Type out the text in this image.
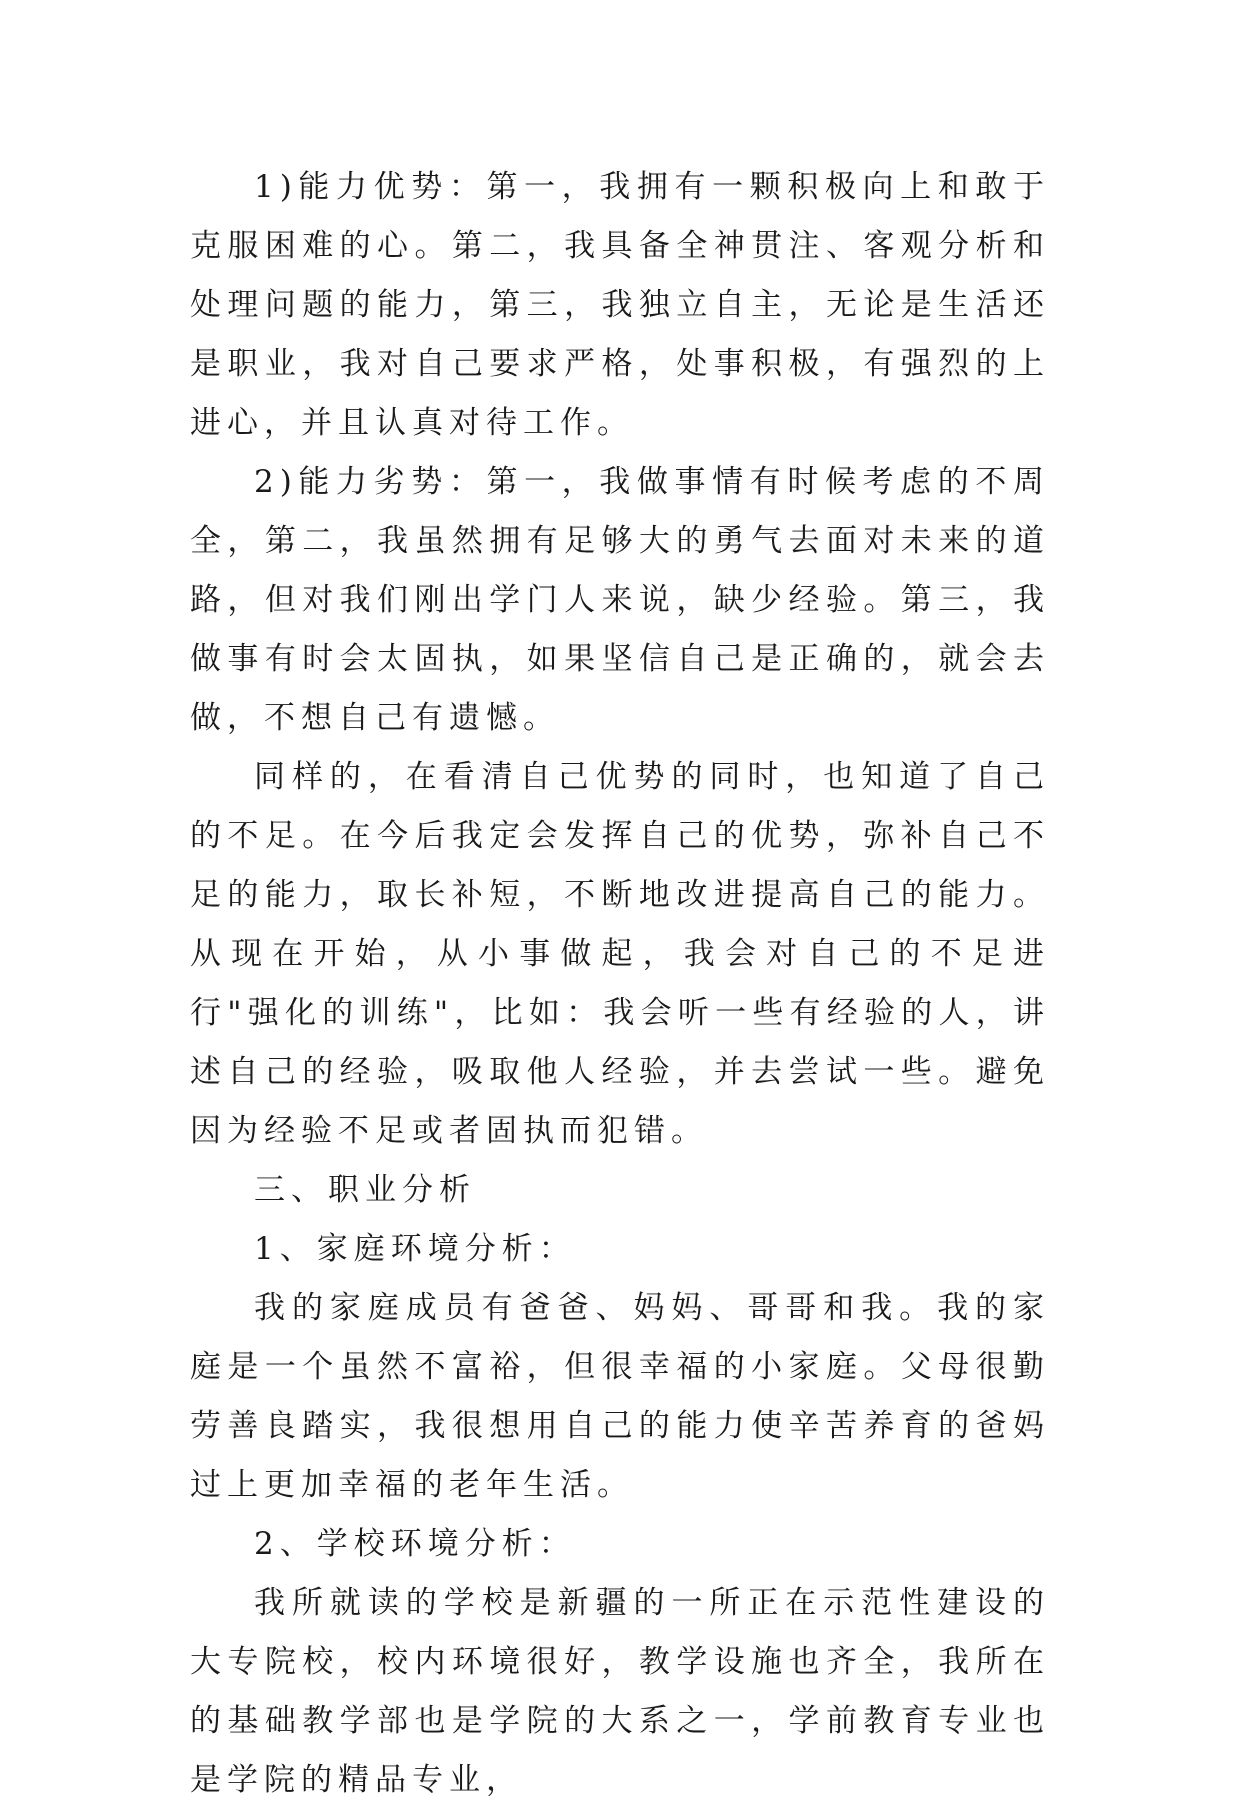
1)能力优势：第一，我拥有一颗积极向上和敢于克服困难的心。第二，我具备全神贯注、客观分析和处理问题的能力，第三，我独立自主，无论是生活还是职业，我对自己要求严格，处事积极，有强烈的上进心，并且认真对待工作。

2)能力劣势：第一，我做事情有时候考虑的不周全，第二，我虽然拥有足够大的勇气去面对未来的道路，但对我们刚出学门人来说，缺少经验。第三，我做事有时会太固执，如果坚信自己是正确的，就会去做，不想自己有遗憾。

同样的，在看清自己优势的同时，也知道了自己的不足。在今后我定会发挥自己的优势，弥补自己不足的能力，取长补短，不断地改进提高自己的能力。从现在开始，从小事做起，我会对自己的不足进行"强化的训练"，比如：我会听一些有经验的人，讲述自己的经验，吸取他人经验，并去尝试一些。避免因为经验不足或者固执而犯错。

三、职业分析

1、家庭环境分析：

我的家庭成员有爸爸、妈妈、哥哥和我。我的家庭是一个虽然不富裕，但很幸福的小家庭。父母很勤劳善良踏实，我很想用自己的能力使辛苦养育的爸妈过上更加幸福的老年生活。

2、学校环境分析：

我所就读的学校是新疆的一所正在示范性建设的大专院校，校内环境很好，教学设施也齐全，我所在的基础教学部也是学院的大系之一，学前教育专业也是学院的精品专业，
